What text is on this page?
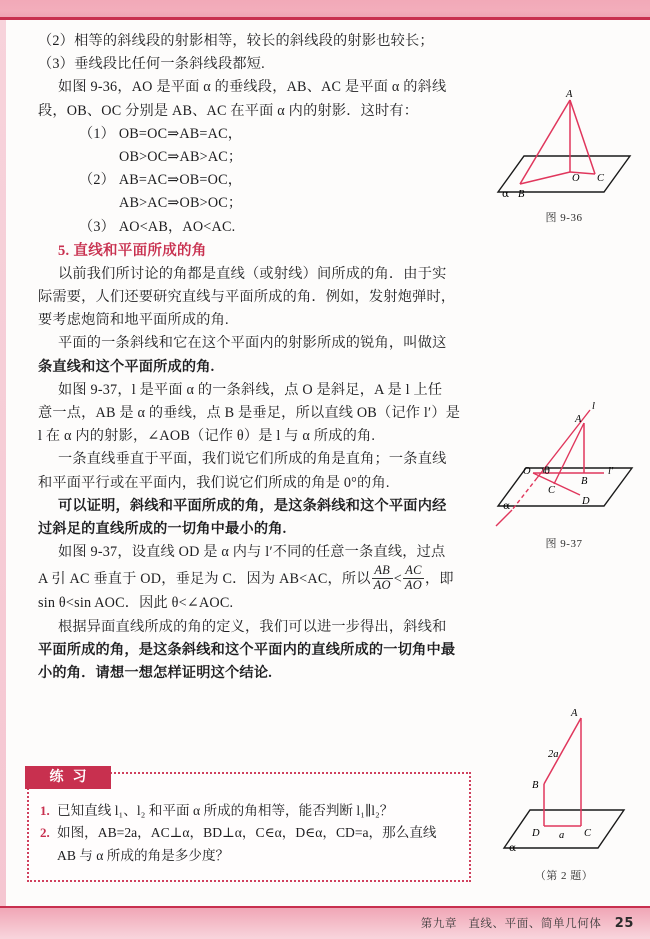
第九章 直线、平面、简单几何体 25
（2）相等的斜线段的射影相等，较长的斜线段的射影也较长；
（3）垂线段比任何一条斜线段都短.
如图 9-36，AO 是平面 α 的垂线段，AB、AC 是平面 α 的斜线
段，OB、OC 分别是 AB、AC 在平面 α 内的射影．这时有：
（1） OB=OC⇒AB=AC，
OB>OC⇒AB>AC；
（2） AB=AC⇒OB=OC，
AB>AC⇒OB>OC；
（3） AO<AB，AO<AC.
5. 直线和平面所成的角
以前我们所讨论的角都是直线（或射线）间所成的角．由于实
际需要，人们还要研究直线与平面所成的角．例如，发射炮弹时，
要考虑炮筒和地平面所成的角.
平面的一条斜线和它在这个平面内的射影所成的锐角，叫做这
条直线和这个平面所成的角.
如图 9-37，l 是平面 α 的一条斜线，点 O 是斜足，A 是 l 上任
意一点，AB 是 α 的垂线，点 B 是垂足，所以直线 OB（记作 l′）是
l 在 α 内的射影，∠AOB（记作 θ）是 l 与 α 所成的角.
一条直线垂直于平面，我们说它们所成的角是直角；一条直线
和平面平行或在平面内，我们说它们所成的角是 0°的角.
可以证明，斜线和平面所成的角，是这条斜线和这个平面内经
过斜足的直线所成的一切角中最小的角.
如图 9-37，设直线 OD 是 α 内与 l′不同的任意一条直线，过点
A 引 AC 垂直于 OD，垂足为 C．因为 AB<AC，所以 $\frac{AB}{AO} < \frac{AC}{AO}$ ，即
sin θ<sin AOC．因此 θ<∠AOC.
根据异面直线所成的角的定义，我们可以进一步得出，斜线和
平面所成的角，是这条斜线和这个平面内的直线所成的一切角中最
小的角．请想一想怎样证明这个结论.
A
O C
B
α
图 9-36
l
A
O θ	l′
B
C
D
α
图 9-37
A
2a
B
D a C
α
（第 2 题）
练习
1. 已知直线 l₁、l₂ 和平面 α 所成的角相等，能否判断 l₁∥l₂？
2. 如图，AB=2a，AC⊥α，BD⊥α，C∈α，D∈α，CD=a，那么直线
AB 与 α 所成的角是多少度？
